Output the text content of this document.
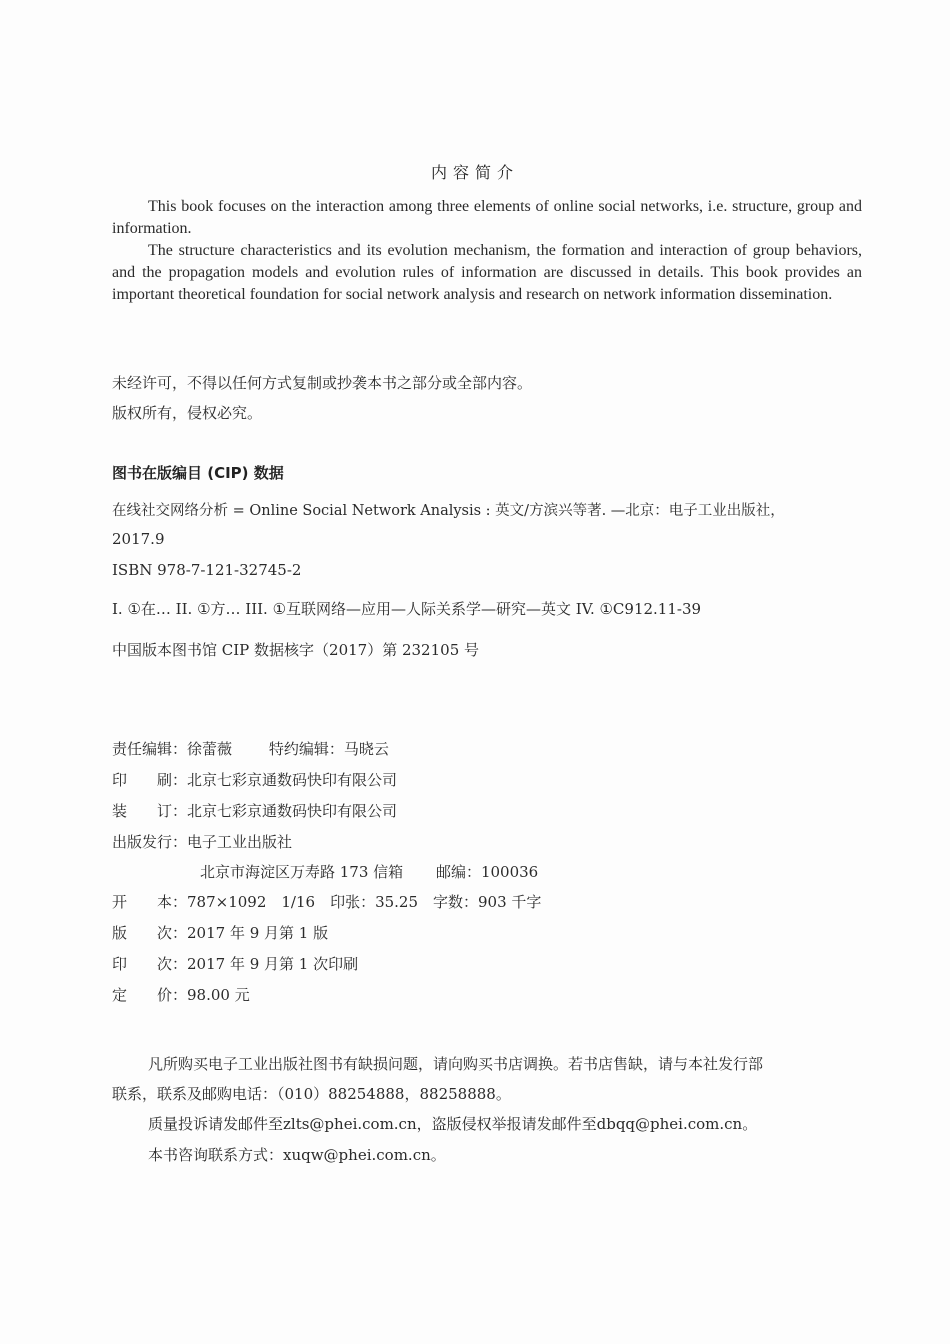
内容简介

This book focuses on the interaction among three elements of online social networks, i.e. structure, group and information.

The structure characteristics and its evolution mechanism, the formation and interaction of group behaviors, and the propagation models and evolution rules of information are discussed in details. This book provides an important theoretical foundation for social network analysis and research on network information dissemination.

未经许可，不得以任何方式复制或抄袭本书之部分或全部内容。
版权所有，侵权必究。
图书在版编目 (CIP) 数据
在线社交网络分析 = Online Social Network Analysis : 英文/方滨兴等著. —北京：电子工业出版社，
2017.9
ISBN 978-7-121-32745-2
I. ①在… II. ①方… III. ①互联网络—应用—人际关系学—研究—英文 IV. ①C912.11-39
中国版本图书馆 CIP 数据核字（2017）第 232105 号
责任编辑：徐蕾薇 特约编辑：马晓云
印　　刷：北京七彩京通数码快印有限公司
装　　订：北京七彩京通数码快印有限公司
出版发行：电子工业出版社
北京市海淀区万寿路 173 信箱 邮编：100036
开　　本：787×1092　1/16　印张：35.25　字数：903 千字
版　　次：2017 年 9 月第 1 版
印　　次：2017 年 9 月第 1 次印刷
定　　价：98.00 元
凡所购买电子工业出版社图书有缺损问题，请向购买书店调换。若书店售缺，请与本社发行部
联系，联系及邮购电话：（010）88254888，88258888。
质量投诉请发邮件至zlts@phei.com.cn，盗版侵权举报请发邮件至dbqq@phei.com.cn。
本书咨询联系方式：xuqw@phei.com.cn。
